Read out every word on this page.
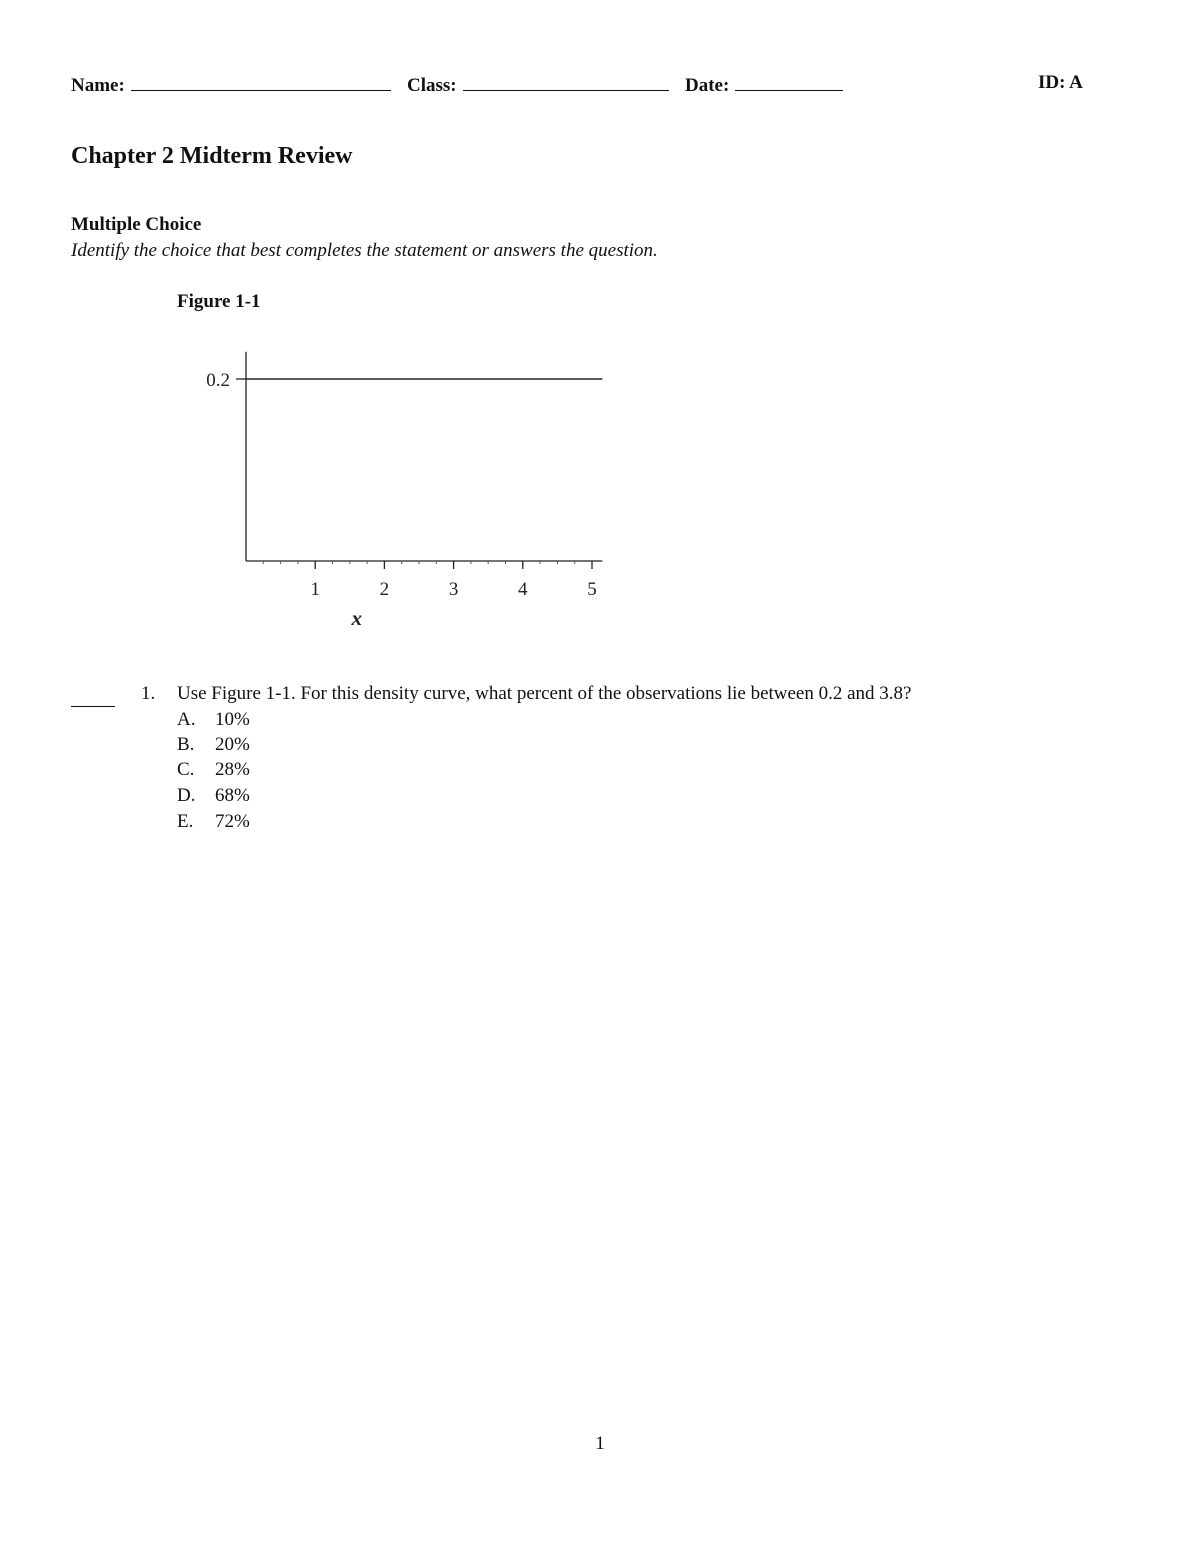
Name:	Class:	Date:	ID: A
Chapter 2 Midterm Review
Multiple Choice
Identify the choice that best completes the statement or answers the question.
Figure 1-1
1	2	3	4	5
0.2
x
1. Use Figure 1-1. For this density curve, what percent of the observations lie between 0.2 and 3.8?
A. 10%
B. 20%
C. 28%
D. 68%
E. 72%
1
